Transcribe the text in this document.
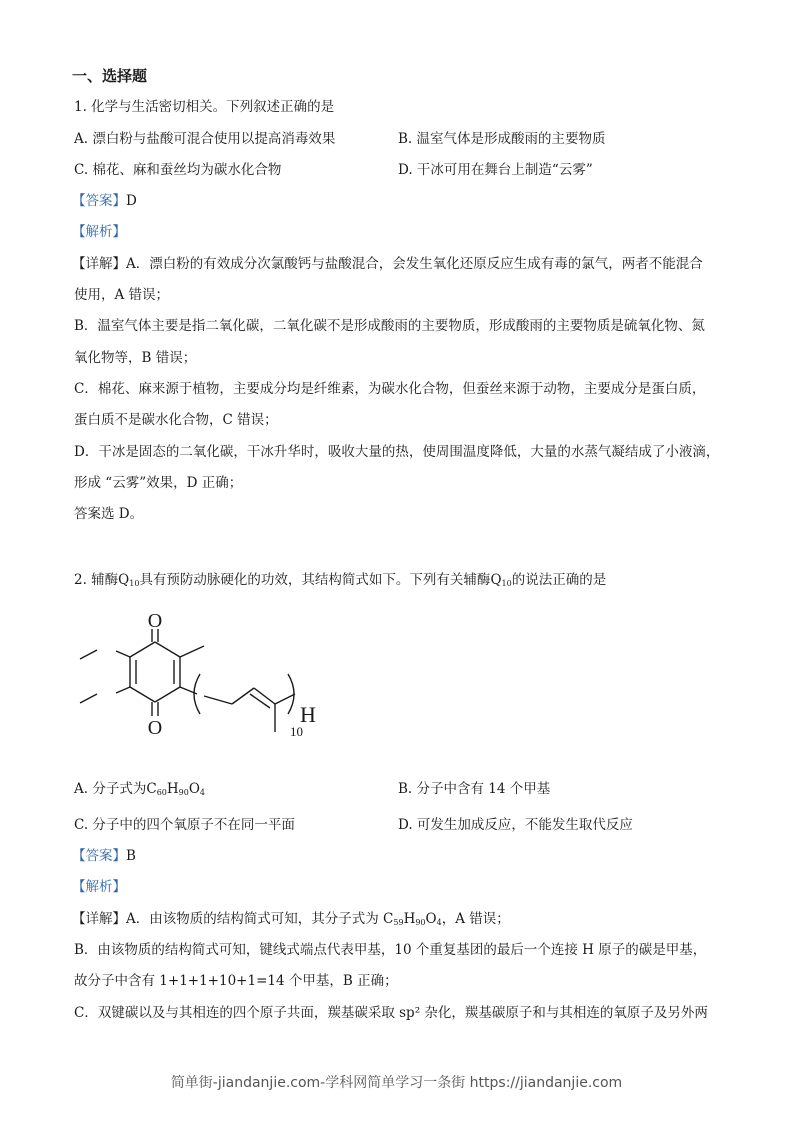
一、选择题
1. 化学与生活密切相关。下列叙述正确的是
A. 漂白粉与盐酸可混合使用以提高消毒效果	B. 温室气体是形成酸雨的主要物质
C. 棉花、麻和蚕丝均为碳水化合物	D. 干冰可用在舞台上制造“云雾”
【答案】D
【解析】
【详解】A．漂白粉的有效成分次氯酸钙与盐酸混合，会发生氧化还原反应生成有毒的氯气，两者不能混合
使用，A 错误；
B．温室气体主要是指二氧化碳，二氧化碳不是形成酸雨的主要物质，形成酸雨的主要物质是硫氧化物、氮
氧化物等，B 错误；
C．棉花、麻来源于植物，主要成分均是纤维素，为碳水化合物，但蚕丝来源于动物，主要成分是蛋白质，
蛋白质不是碳水化合物，C 错误；
D．干冰是固态的二氧化碳，干冰升华时，吸收大量的热，使周围温度降低，大量的水蒸气凝结成了小液滴，
形成 “云雾”效果，D 正确；
答案选 D。
2. 辅酶$Q_{10}$具有预防动脉硬化的功效，其结构简式如下。下列有关辅酶$Q_{10}$的说法正确的是
O
O
H
10
A. 分子式为$C_{60}H_{90}O_4$	B. 分子中含有 14 个甲基
C. 分子中的四个氧原子不在同一平面	D. 可发生加成反应，不能发生取代反应
【答案】B
【解析】
【详解】A．由该物质的结构简式可知，其分子式为 $C_{59}H_{90}O_4$，A 错误；
B．由该物质的结构简式可知，键线式端点代表甲基，10 个重复基团的最后一个连接 H 原子的碳是甲基，
故分子中含有 1+1+1+10+1=14 个甲基，B 正确；
C．双键碳以及与其相连的四个原子共面，羰基碳采取 sp² 杂化，羰基碳原子和与其相连的氧原子及另外两
简单街-jiandanjie.com-学科网简单学习一条街 https://jiandanjie.com
